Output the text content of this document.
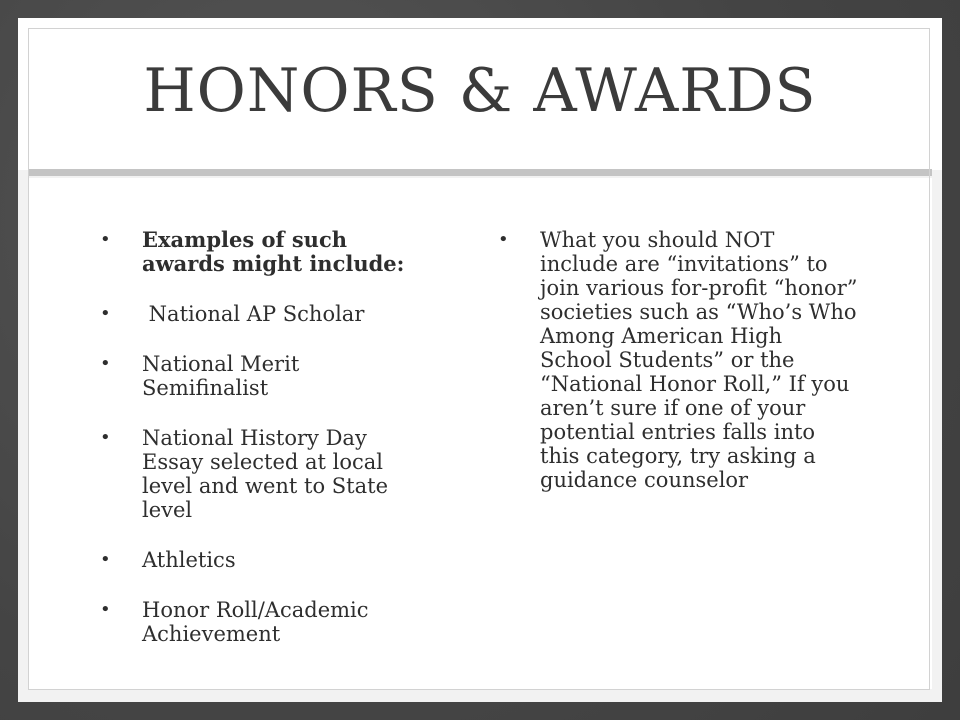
HONORS & AWARDS
• Examples of such awards might include:
• National AP Scholar
• National Merit Semifinalist
• National History Day Essay selected at local level and went to State level
• Athletics
• Honor Roll/Academic Achievement
• What you should NOT include are “invitations” to join various for-profit “honor” societies such as “Who’s Who Among American High School Students” or the “National Honor Roll,” If you aren’t sure if one of your potential entries falls into this category, try asking a guidance counselor
